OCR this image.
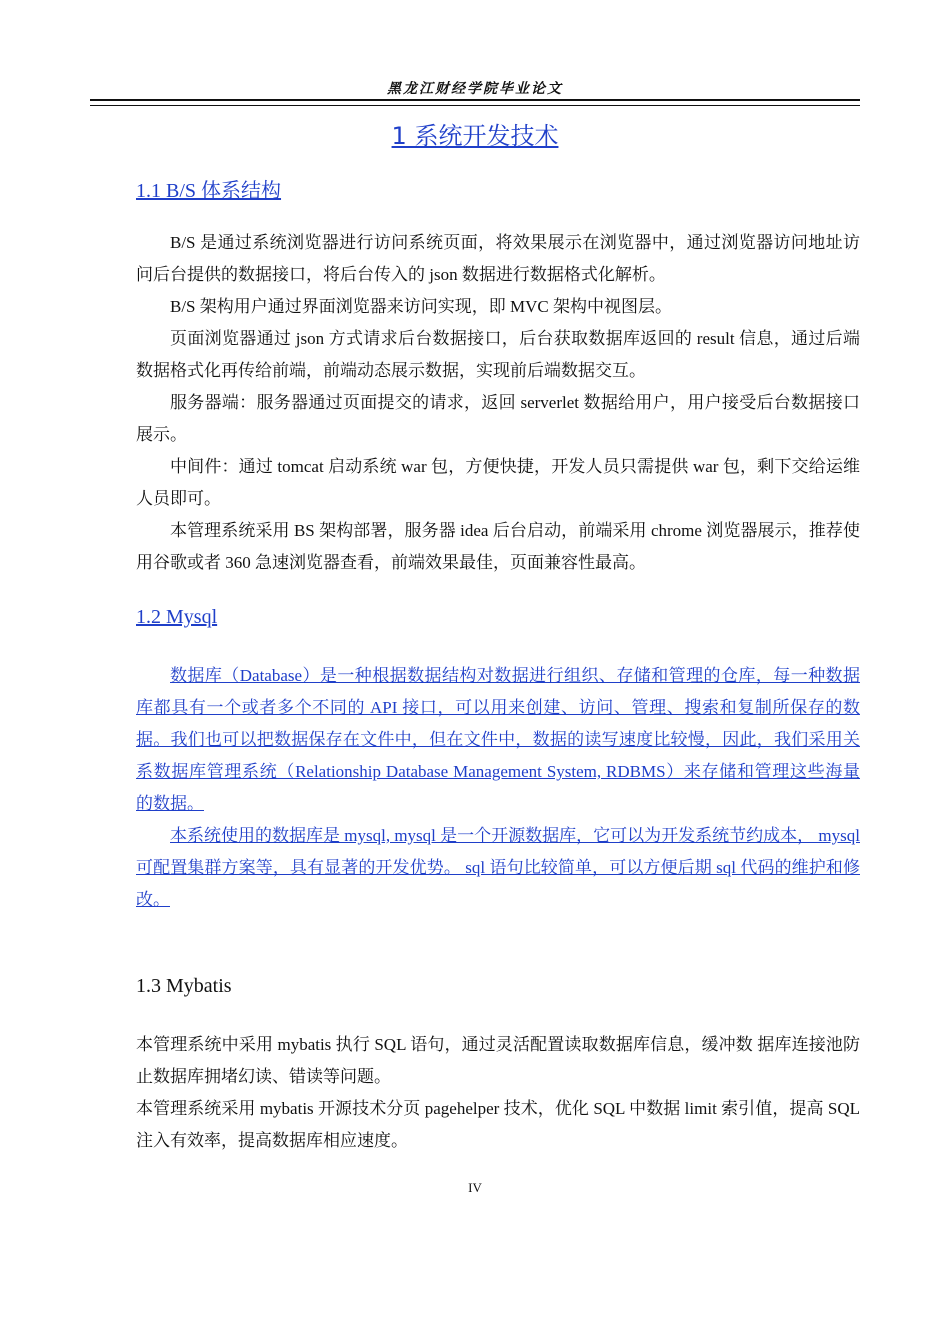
黑龙江财经学院毕业论文
1 系统开发技术
1.1 B/S 体系结构

B/S 是通过系统浏览器进行访问系统页面，将效果展示在浏览器中，通过浏览器访问地址访问后台提供的数据接口，将后台传入的 json 数据进行数据格式化解析。

B/S 架构用户通过界面浏览器来访问实现，即 MVC 架构中视图层。

页面浏览器通过 json 方式请求后台数据接口，后台获取数据库返回的 result 信息，通过后端数据格式化再传给前端，前端动态展示数据，实现前后端数据交互。

服务器端：服务器通过页面提交的请求，返回 serverlet 数据给用户，用户接受后台数据接口展示。

中间件：通过 tomcat 启动系统 war 包，方便快捷，开发人员只需提供 war 包，剩下交给运维人员即可。

本管理系统采用 BS 架构部署，服务器 idea 后台启动，前端采用 chrome 浏览器展示，推荐使用谷歌或者 360 急速浏览器查看，前端效果最佳，页面兼容性最高。

1.2 Mysql

数据库（Database）是一种根据数据结构对数据进行组织、存储和管理的仓库，每一种数据库都具有一个或者多个不同的 API 接口，可以用来创建、访问、管理、搜索和复制所保存的数据。我们也可以把数据保存在文件中，但在文件中，数据的读写速度比较慢，因此，我们采用关系数据库管理系统（Relationship Database Management System, RDBMS）来存储和管理这些海量的数据。

本系统使用的数据库是 mysql, mysql 是一个开源数据库，它可以为开发系统节约成本， mysql 可配置集群方案等，具有显著的开发优势。 sql 语句比较简单，可以方便后期 sql 代码的维护和修改。

1.3 Mybatis

本管理系统中采用 mybatis 执行 SQL 语句，通过灵活配置读取数据库信息，缓冲数 据库连接池防止数据库拥堵幻读、错读等问题。

本管理系统采用 mybatis 开源技术分页 pagehelper 技术，优化 SQL 中数据 limit 索引值，提高 SQL 注入有效率，提高数据库相应速度。

IV
